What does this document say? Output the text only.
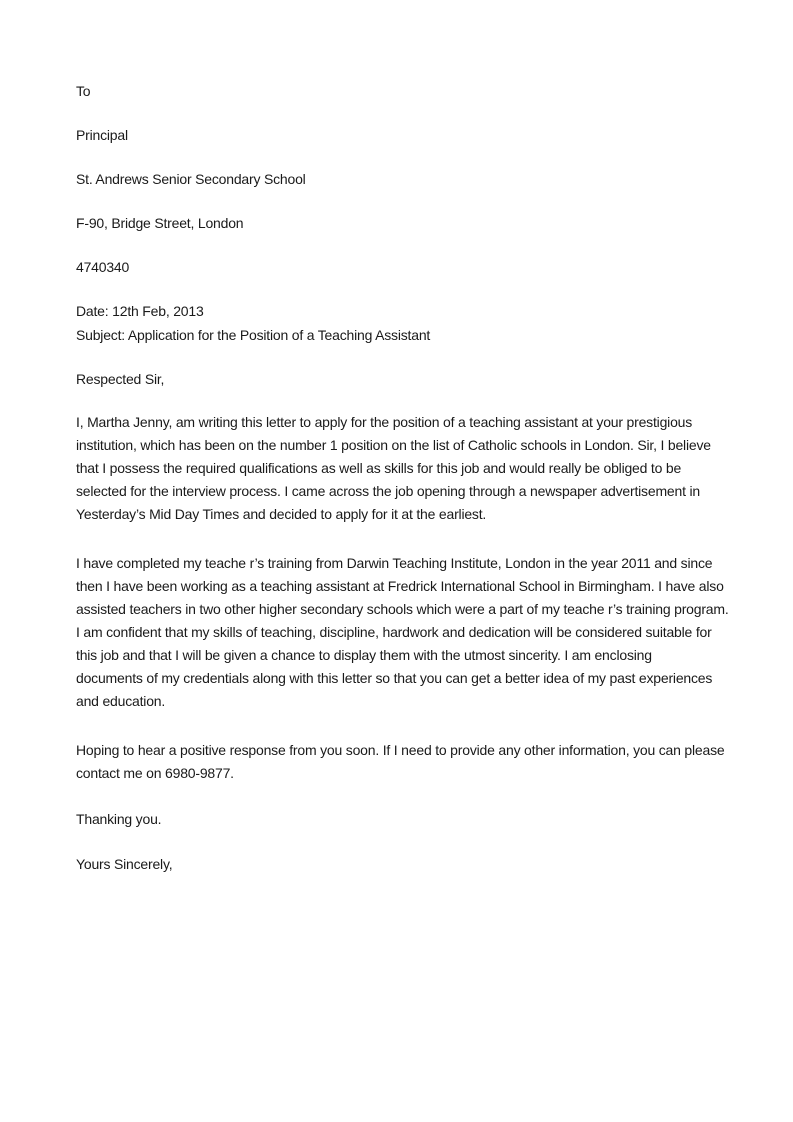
To
Principal
St. Andrews Senior Secondary School
F-90, Bridge Street, London
4740340
Date: 12th Feb, 2013
Subject: Application for the Position of a Teaching Assistant
Respected Sir,

I, Martha Jenny, am writing this letter to apply for the position of a teaching assistant at your prestigious

institution, which has been on the number 1 position on the list of Catholic schools in London. Sir, I believe

that I possess the required qualifications as well as skills for this job and would really be obliged to be

selected for the interview process. I came across the job opening through a newspaper advertisement in

Yesterday’s Mid Day Times and decided to apply for it at the earliest.

I have completed my teache r’s training from Darwin Teaching Institute, London in the year 2011 and since

then I have been working as a teaching assistant at Fredrick International School in Birmingham. I have also

assisted teachers in two other higher secondary schools which were a part of my teache r’s training program.

I am confident that my skills of teaching, discipline, hardwork and dedication will be considered suitable for

this job and that I will be given a chance to display them with the utmost sincerity. I am enclosing

documents of my credentials along with this letter so that you can get a better idea of my past experiences

and education.

Hoping to hear a positive response from you soon. If I need to provide any other information, you can please

contact me on 6980-9877.

Thanking you.
Yours Sincerely,
